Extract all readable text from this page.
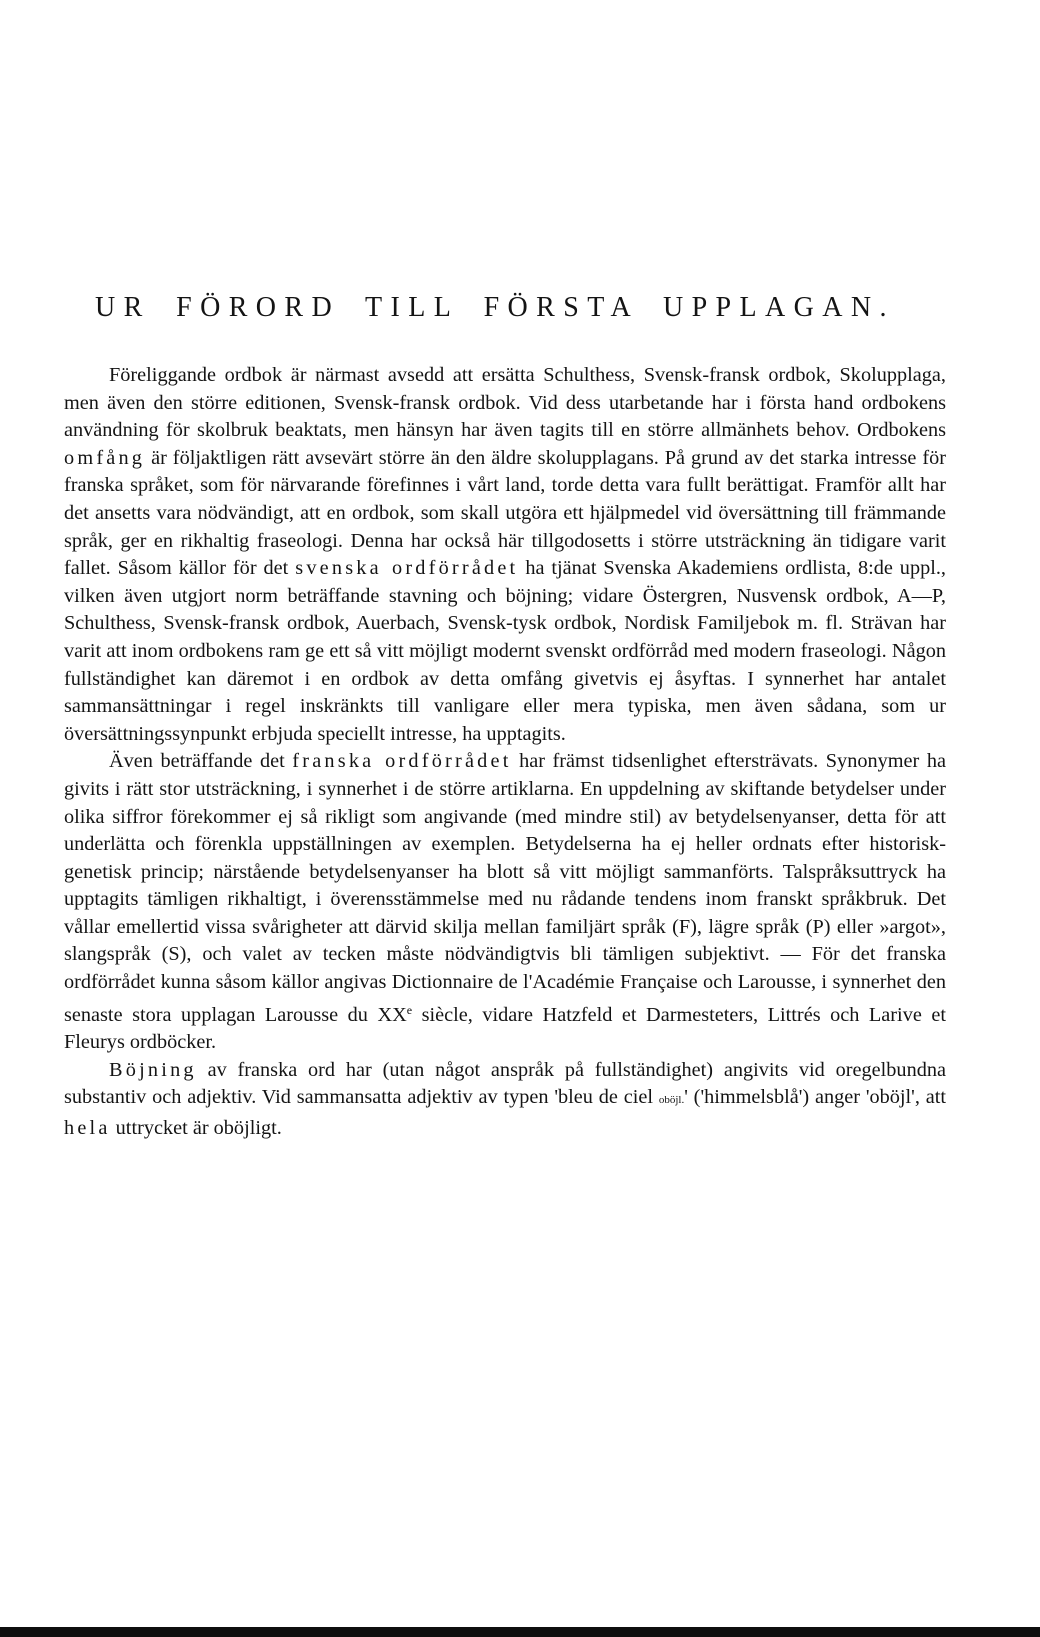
UR FÖRORD TILL FÖRSTA UPPLAGAN.

Föreliggande ordbok är närmast avsedd att ersätta Schulthess, Svensk-fransk ordbok, Skolupplaga, men även den större editionen, Svensk-fransk ordbok. Vid dess utarbetande har i första hand ordbokens användning för skolbruk beaktats, men hänsyn har även tagits till en större allmänhets behov. Ordbokens omfång är följaktligen rätt avsevärt större än den äldre skolupplagans. På grund av det starka intresse för franska språket, som för närvarande förefinnes i vårt land, torde detta vara fullt berättigat. Framför allt har det ansetts vara nödvändigt, att en ordbok, som skall utgöra ett hjälpmedel vid översättning till främmande språk, ger en rikhaltig fraseologi. Denna har också här tillgodosetts i större utsträckning än tidigare varit fallet. Såsom källor för det svenska ordförrådet ha tjänat Svenska Akademiens ordlista, 8:de uppl., vilken även utgjort norm beträffande stavning och böjning; vidare Östergren, Nusvensk ordbok, A—P, Schulthess, Svensk-fransk ordbok, Auerbach, Svensk-tysk ordbok, Nordisk Familjebok m. fl. Strävan har varit att inom ordbokens ram ge ett så vitt möjligt modernt svenskt ordförråd med modern fraseologi. Någon fullständighet kan däremot i en ordbok av detta omfång givetvis ej åsyftas. I synnerhet har antalet sammansättningar i regel inskränkts till vanligare eller mera typiska, men även sådana, som ur översättningssynpunkt erbjuda speciellt intresse, ha upptagits.

Även beträffande det franska ordförrådet har främst tidsenlighet eftersträvats. Synonymer ha givits i rätt stor utsträckning, i synnerhet i de större artiklarna. En uppdelning av skiftande betydelser under olika siffror förekommer ej så rikligt som angivande (med mindre stil) av betydelsenyanser, detta för att underlätta och förenkla uppställningen av exemplen. Betydelserna ha ej heller ordnats efter historisk-genetisk princip; närstående betydelsenyanser ha blott så vitt möjligt sammanförts. Talspråksuttryck ha upptagits tämligen rikhaltigt, i överensstämmelse med nu rådande tendens inom franskt språkbruk. Det vållar emellertid vissa svårigheter att därvid skilja mellan familjärt språk (F), lägre språk (P) eller »argot», slangspråk (S), och valet av tecken måste nödvändigtvis bli tämligen subjektivt. — För det franska ordförrådet kunna såsom källor angivas Dictionnaire de l'Académie Française och Larousse, i synnerhet den senaste stora upplagan Larousse du XXe siècle, vidare Hatzfeld et Darmesteters, Littrés och Larive et Fleurys ordböcker.

Böjning av franska ord har (utan något anspråk på fullständighet) angivits vid oregelbundna substantiv och adjektiv. Vid sammansatta adjektiv av typen 'bleu de ciel oböjl.' ('himmelsblå') anger 'oböjl', att hela uttrycket är oböjligt.
